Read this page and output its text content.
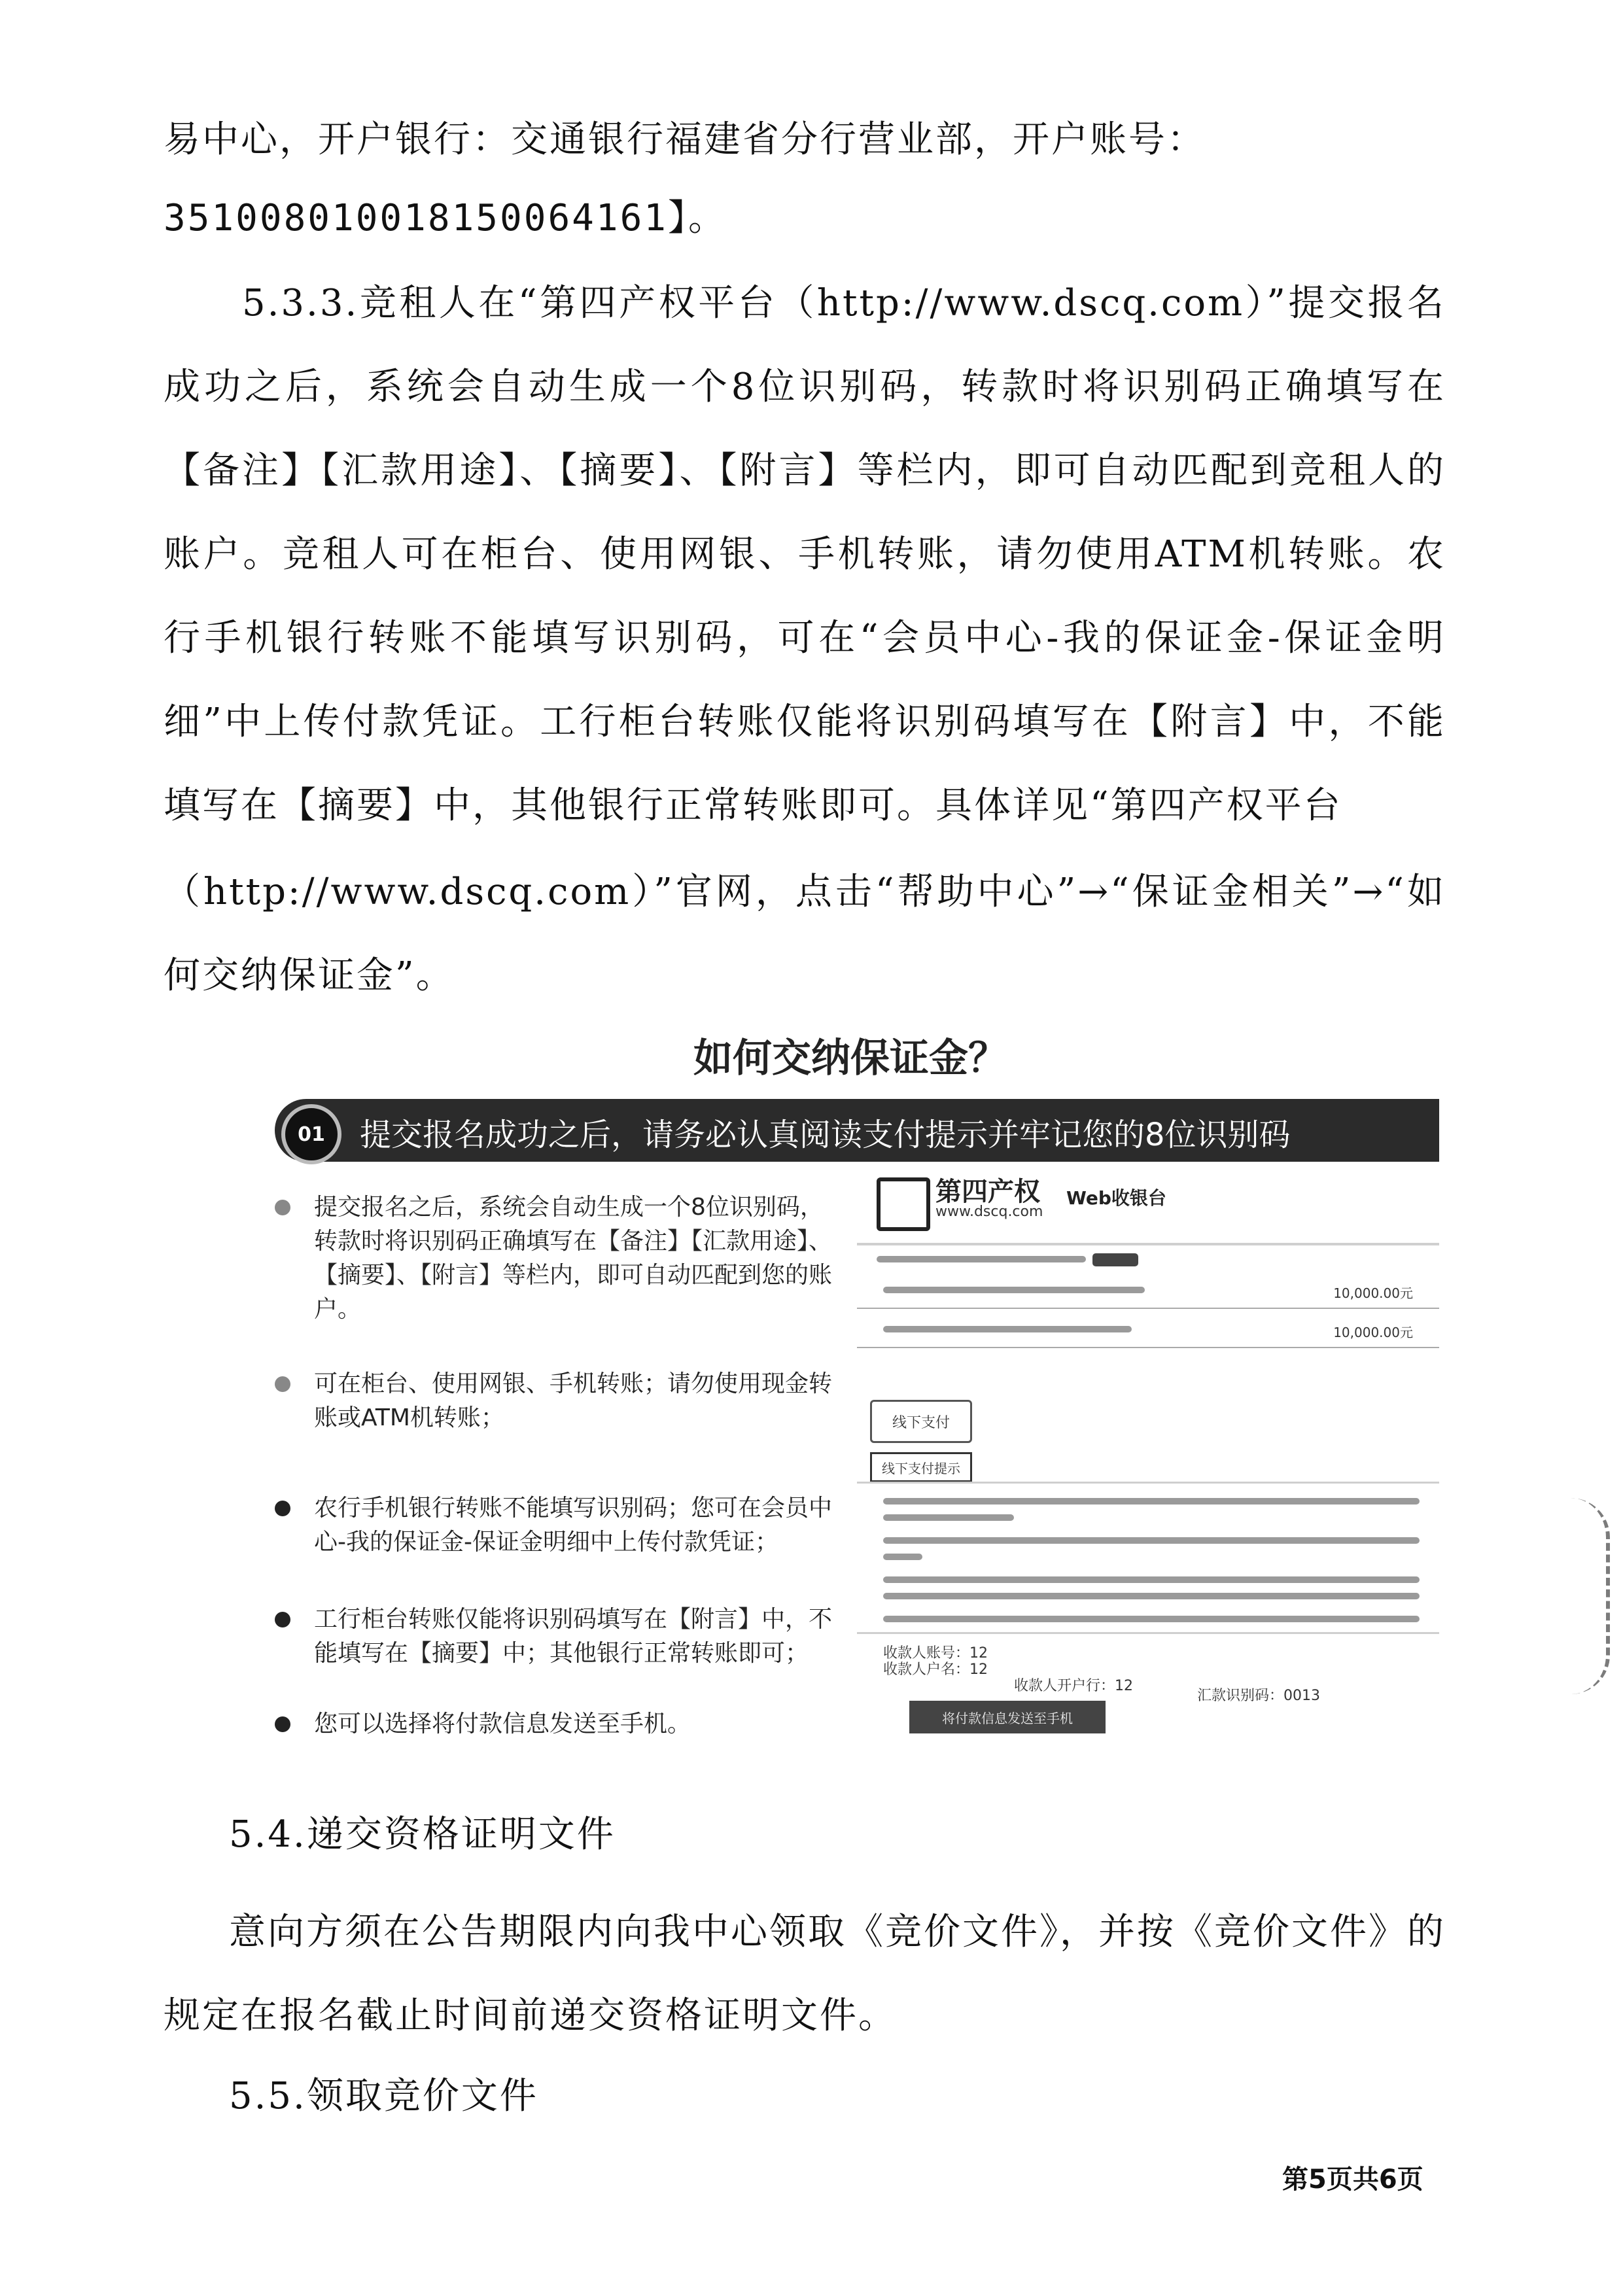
易中心，开户银行：交通银行福建省分行营业部，开户账号：

351008010018150064161】。

5.3.3.竞租人在“第四产权平台（http://www.dscq.com）”提交报名成功之后，系统会自动生成一个8位识别码，转款时将识别码正确填写在【备注】【汇款用途】、【摘要】、【附言】等栏内，即可自动匹配到竞租人的账户。竞租人可在柜台、使用网银、手机转账，请勿使用ATM机转账。农行手机银行转账不能填写识别码，可在“会员中心-我的保证金-保证金明细”中上传付款凭证。工行柜台转账仅能将识别码填写在【附言】中，不能填写在【摘要】中，其他银行正常转账即可。具体详见“第四产权平台

（http://www.dscq.com）”官网，点击“帮助中心”→“保证金相关”→“如何交纳保证金”。

如何交纳保证金？
01	提交报名成功之后，请务必认真阅读支付提示并牢记您的8位识别码
提交报名之后，系统会自动生成一个8位识别码，转款时将识别码正确填写在【备注】【汇款用途】、【摘要】、【附言】等栏内，即可自动匹配到您的账户。
可在柜台、使用网银、手机转账；请勿使用现金转账或ATM机转账；
农行手机银行转账不能填写识别码；您可在会员中心-我的保证金-保证金明细中上传付款凭证；
工行柜台转账仅能将识别码填写在【附言】中，不能填写在【摘要】中；其他银行正常转账即可；
您可以选择将付款信息发送至手机。
第四产权
www.dscq.com
Web收银台
10,000.00元
10,000.00元
线下支付
线下支付提示
收款人账号：12
收款人户名：12
收款人开户行：12
汇款识别码：0013
将付款信息发送至手机
5.4.递交资格证明文件

意向方须在公告期限内向我中心领取《竞价文件》，并按《竞价文件》的规定在报名截止时间前递交资格证明文件。

5.5.领取竞价文件
第5页共6页
